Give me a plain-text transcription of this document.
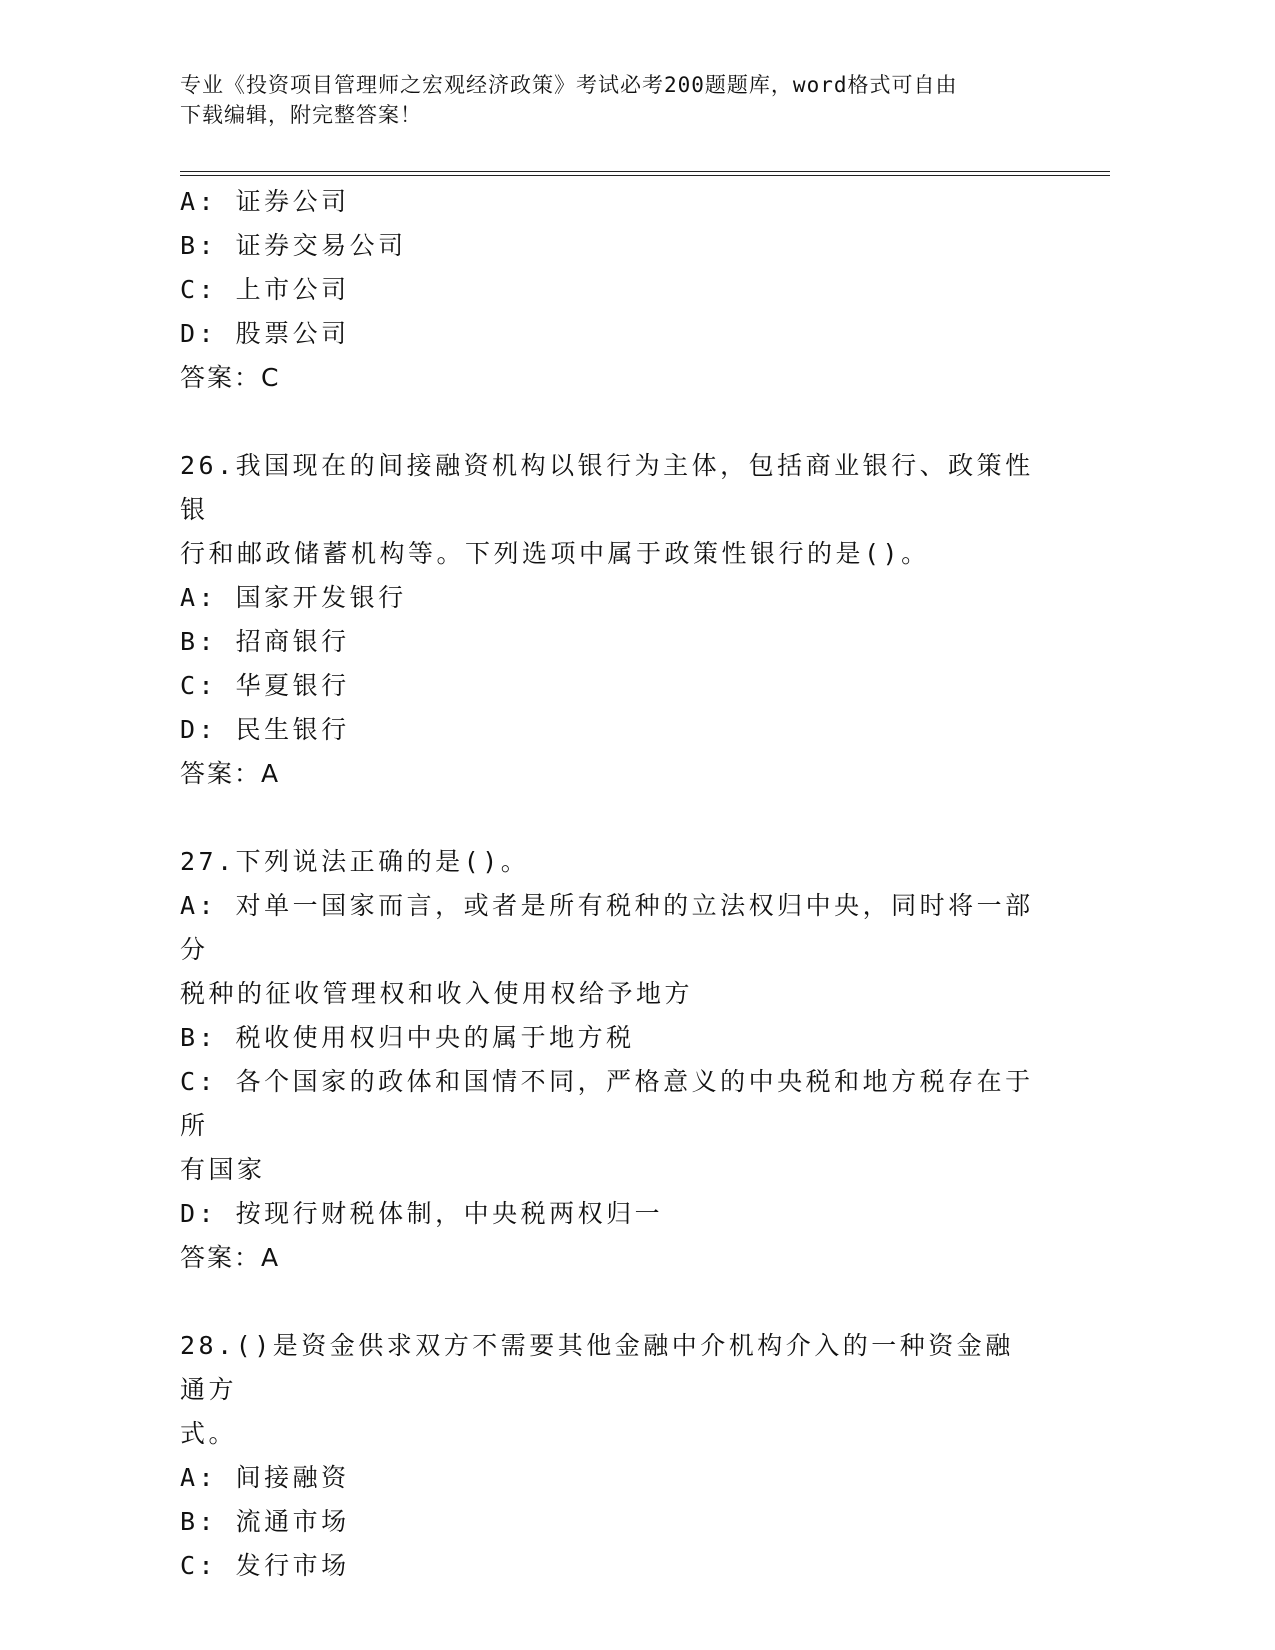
专业《投资项目管理师之宏观经济政策》考试必考200题题库，word格式可自由
下载编辑，附完整答案！
A: 证券公司
B: 证券交易公司
C: 上市公司
D: 股票公司
答案：C
26.我国现在的间接融资机构以银行为主体，包括商业银行、政策性银
行和邮政储蓄机构等。下列选项中属于政策性银行的是()。
A: 国家开发银行
B: 招商银行
C: 华夏银行
D: 民生银行
答案：A
27.下列说法正确的是()。
A: 对单一国家而言，或者是所有税种的立法权归中央，同时将一部分
税种的征收管理权和收入使用权给予地方
B: 税收使用权归中央的属于地方税
C: 各个国家的政体和国情不同，严格意义的中央税和地方税存在于所
有国家
D: 按现行财税体制，中央税两权归一
答案：A
28.()是资金供求双方不需要其他金融中介机构介入的一种资金融通方
式。
A: 间接融资
B: 流通市场
C: 发行市场
